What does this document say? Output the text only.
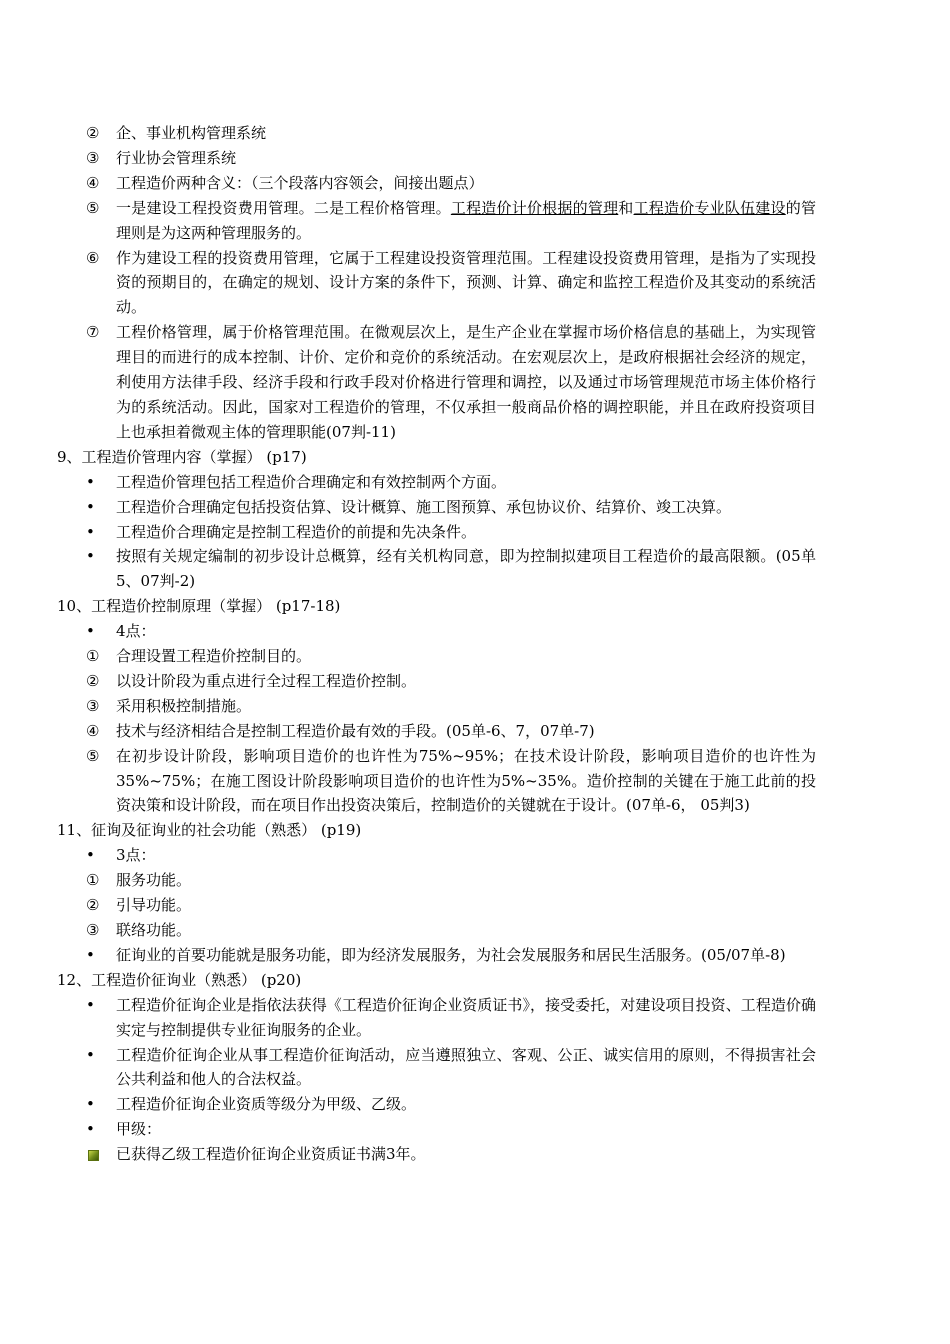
②	企、事业机构管理系统
③	行业协会管理系统
④	工程造价两种含义：（三个段落内容领会，间接出题点）
⑤	一是建设工程投资费用管理。二是工程价格管理。工程造价计价根据的管理和工程造价专业队伍建设的管理则是为这两种管理服务的。
⑥	作为建设工程的投资费用管理，它属于工程建设投资管理范围。工程建设投资费用管理，是指为了实现投资的预期目的，在确定的规划、设计方案的条件下，预测、计算、确定和监控工程造价及其变动的系统活动。
⑦	工程价格管理，属于价格管理范围。在微观层次上，是生产企业在掌握市场价格信息的基础上，为实现管理目的而进行的成本控制、计价、定价和竞价的系统活动。在宏观层次上，是政府根据社会经济的规定，利使用方法律手段、经济手段和行政手段对价格进行管理和调控，以及通过市场管理规范市场主体价格行为的系统活动。因此，国家对工程造价的管理，不仅承担一般商品价格的调控职能，并且在政府投资项目上也承担着微观主体的管理职能(07判-11)
9、工程造价管理内容（掌握） (p17)
•	工程造价管理包括工程造价合理确定和有效控制两个方面。
•	工程造价合理确定包括投资估算、设计概算、施工图预算、承包协议价、结算价、竣工决算。
•	工程造价合理确定是控制工程造价的前提和先决条件。
•	按照有关规定编制的初步设计总概算，经有关机构同意，即为控制拟建项目工程造价的最高限额。(05单5、07判-2)
10、工程造价控制原理（掌握） (p17-18)
•	4点：
①	合理设置工程造价控制目的。
②	以设计阶段为重点进行全过程工程造价控制。
③	采用积极控制措施。
④	技术与经济相结合是控制工程造价最有效的手段。(05单-6、7，07单-7)
⑤	在初步设计阶段，影响项目造价的也许性为75%~95%；在技术设计阶段，影响项目造价的也许性为35%~75%；在施工图设计阶段影响项目造价的也许性为5%~35%。造价控制的关键在于施工此前的投资决策和设计阶段，而在项目作出投资决策后，控制造价的关键就在于设计。(07单-6， 05判3)
11、征询及征询业的社会功能（熟悉） (p19)
•	3点：
①	服务功能。
②	引导功能。
③	联络功能。
•	征询业的首要功能就是服务功能，即为经济发展服务，为社会发展服务和居民生活服务。(05/07单-8)
12、工程造价征询业（熟悉） (p20)
•	工程造价征询企业是指依法获得《工程造价征询企业资质证书》，接受委托，对建设项目投资、工程造价确实定与控制提供专业征询服务的企业。
•	工程造价征询企业从事工程造价征询活动，应当遵照独立、客观、公正、诚实信用的原则，不得损害社会公共利益和他人的合法权益。
•	工程造价征询企业资质等级分为甲级、乙级。
•	甲级：
已获得乙级工程造价征询企业资质证书满3年。
